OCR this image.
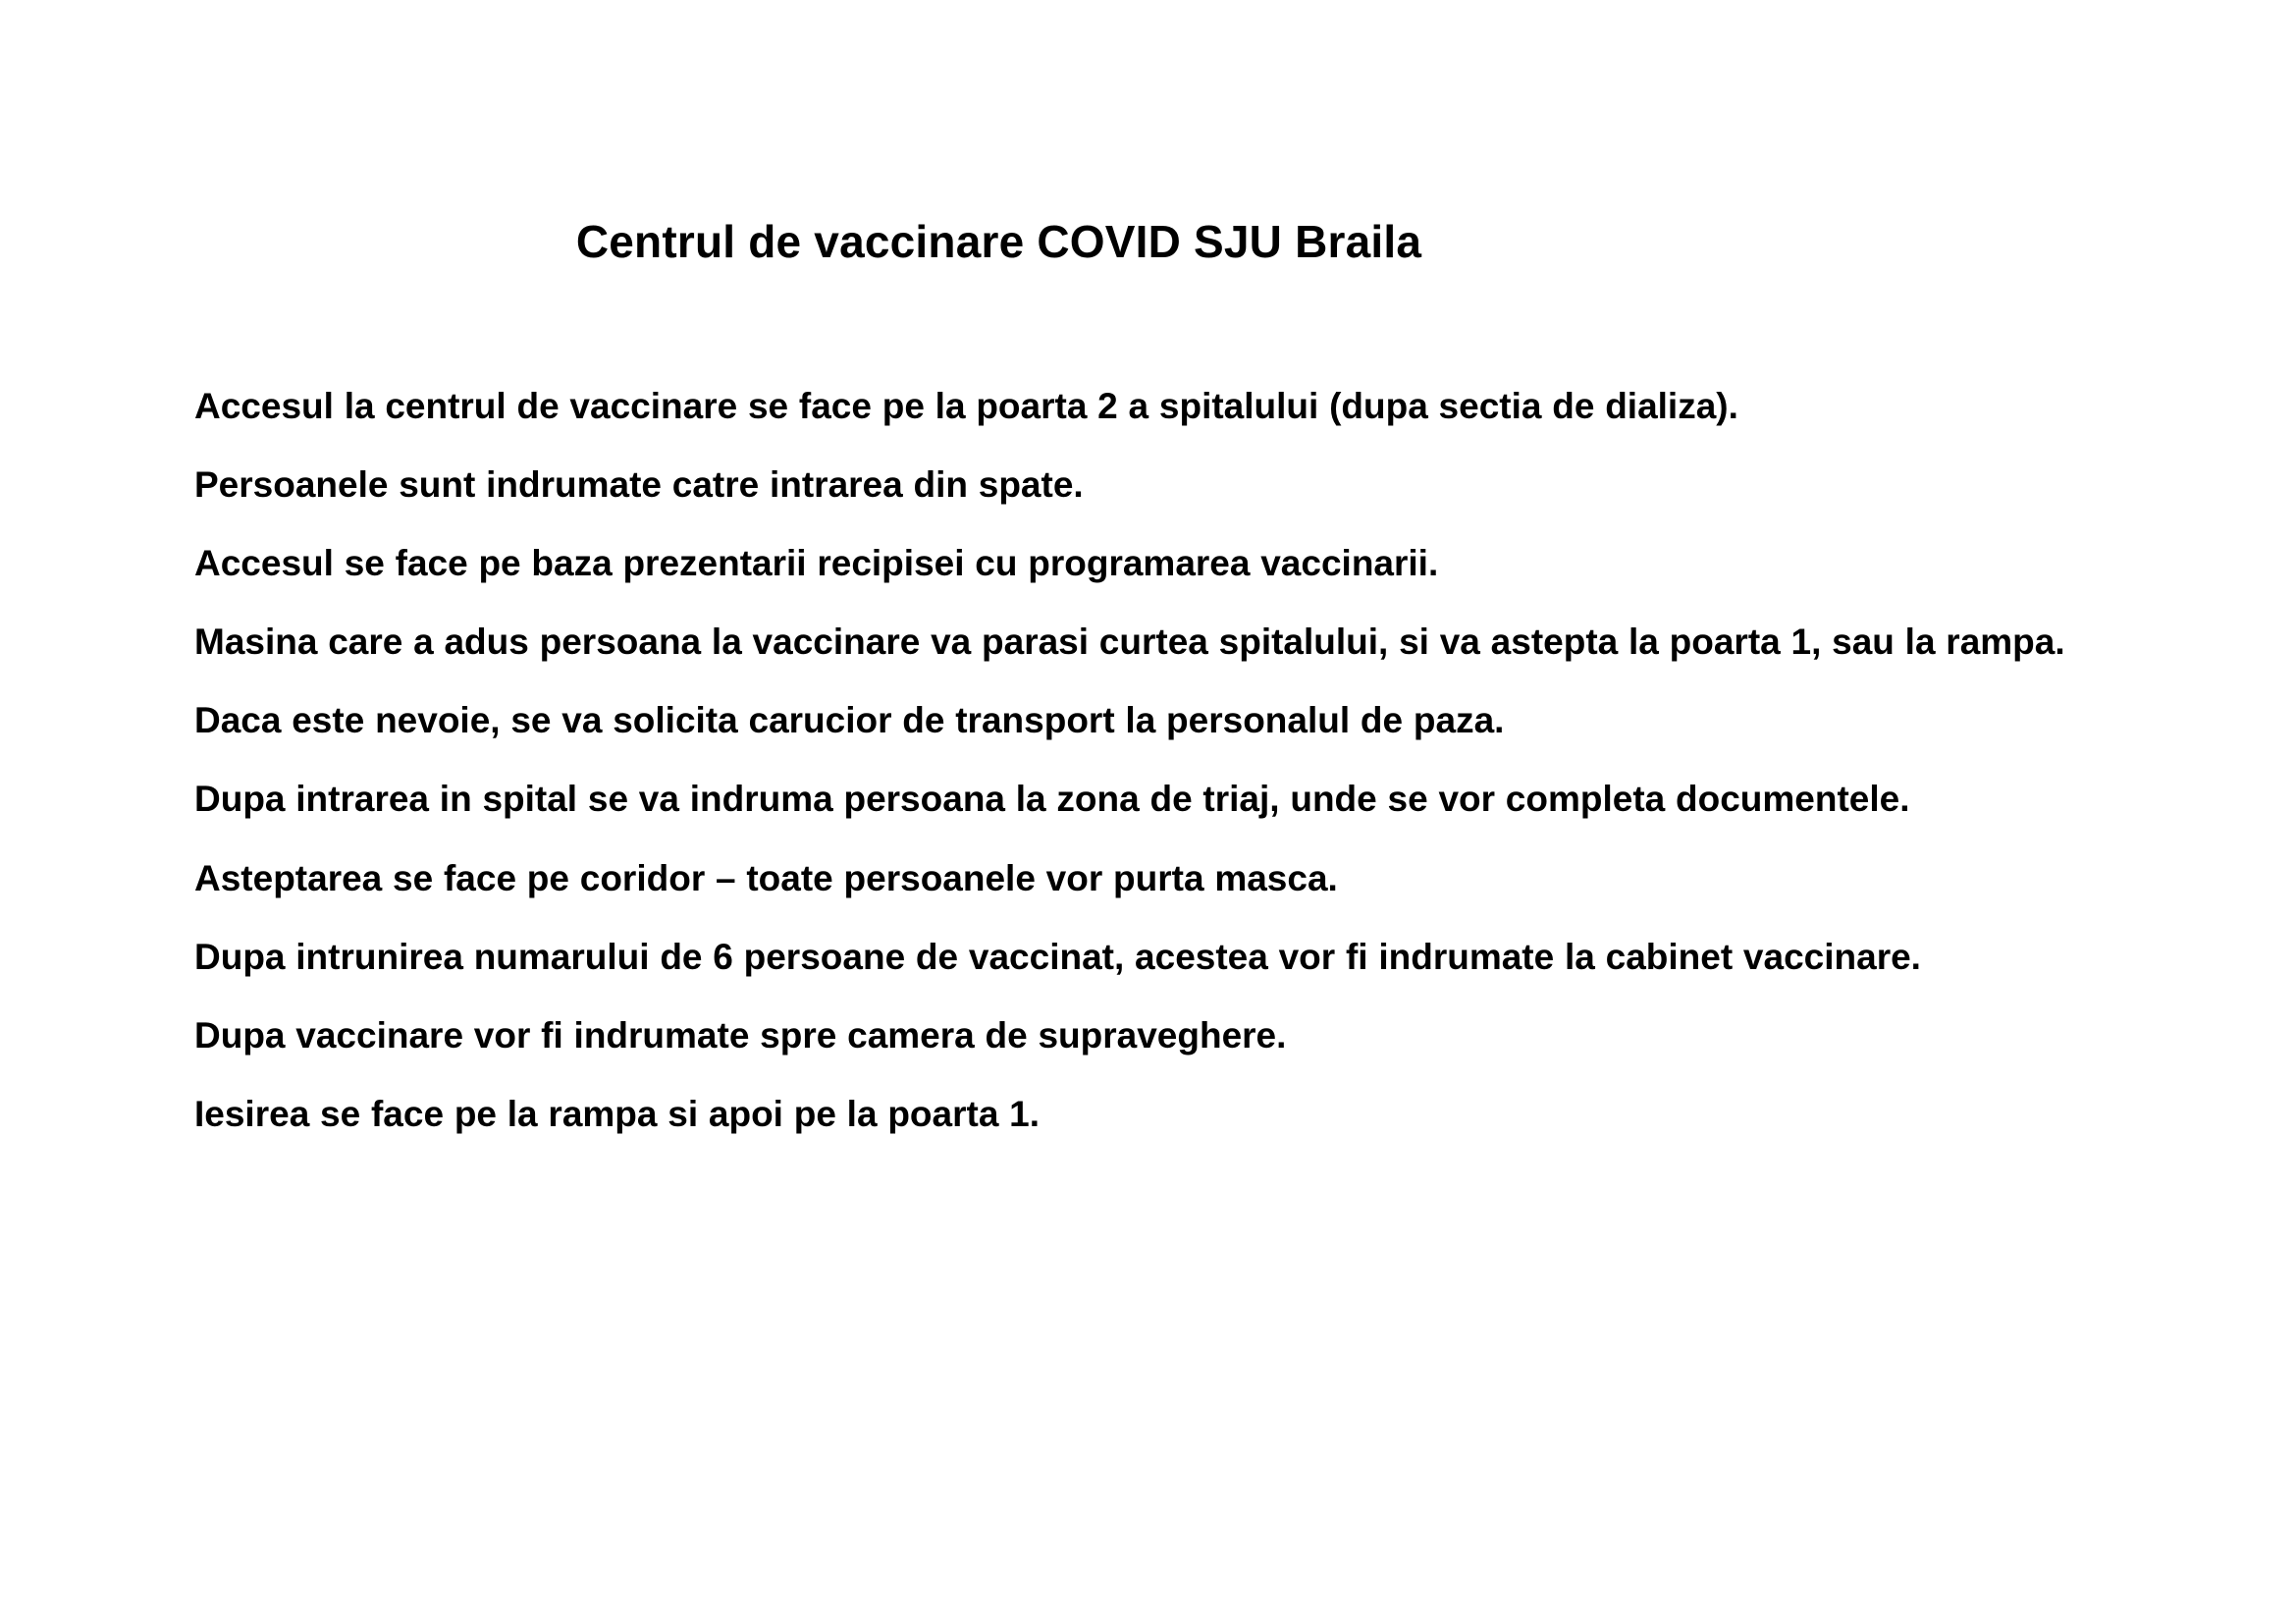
Centrul de vaccinare COVID SJU Braila

Accesul la centrul de vaccinare se face pe la poarta 2 a spitalului (dupa sectia de dializa).

Persoanele sunt indrumate catre intrarea din spate.

Accesul se face pe baza prezentarii recipisei cu programarea vaccinarii.

Masina care a adus persoana la vaccinare va parasi curtea spitalului, si va astepta la poarta 1, sau la rampa.

Daca este nevoie, se va solicita carucior de transport la personalul de paza.

Dupa intrarea in spital se va indruma persoana la zona de triaj, unde se vor completa documentele.

Asteptarea se face pe coridor – toate persoanele vor purta masca.

Dupa intrunirea numarului de 6 persoane de vaccinat, acestea vor fi indrumate la cabinet vaccinare.

Dupa vaccinare vor fi indrumate spre camera de supraveghere.

Iesirea se face pe la rampa si apoi pe la poarta 1.
